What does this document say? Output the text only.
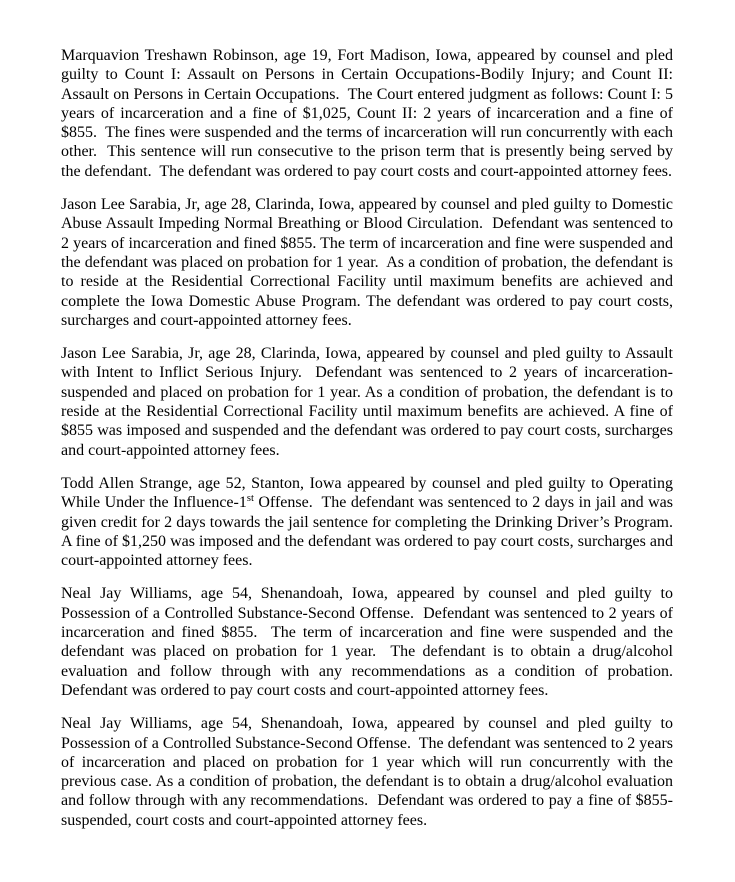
Marquavion Treshawn Robinson, age 19, Fort Madison, Iowa, appeared by counsel and pled guilty to Count I: Assault on Persons in Certain Occupations-Bodily Injury; and Count II: Assault on Persons in Certain Occupations.  The Court entered judgment as follows: Count I: 5 years of incarceration and a fine of $1,025, Count II: 2 years of incarceration and a fine of $855.  The fines were suspended and the terms of incarceration will run concurrently with each other.  This sentence will run consecutive to the prison term that is presently being served by the defendant.  The defendant was ordered to pay court costs and court-appointed attorney fees.

Jason Lee Sarabia, Jr, age 28, Clarinda, Iowa, appeared by counsel and pled guilty to Domestic Abuse Assault Impeding Normal Breathing or Blood Circulation.  Defendant was sentenced to 2 years of incarceration and fined $855. The term of incarceration and fine were suspended and the defendant was placed on probation for 1 year.  As a condition of probation, the defendant is to reside at the Residential Correctional Facility until maximum benefits are achieved and complete the Iowa Domestic Abuse Program. The defendant was ordered to pay court costs, surcharges and court-appointed attorney fees.

Jason Lee Sarabia, Jr, age 28, Clarinda, Iowa, appeared by counsel and pled guilty to Assault with Intent to Inflict Serious Injury.  Defendant was sentenced to 2 years of incarceration-suspended and placed on probation for 1 year. As a condition of probation, the defendant is to reside at the Residential Correctional Facility until maximum benefits are achieved. A fine of $855 was imposed and suspended and the defendant was ordered to pay court costs, surcharges and court-appointed attorney fees.

Todd Allen Strange, age 52, Stanton, Iowa appeared by counsel and pled guilty to Operating While Under the Influence-1st Offense.  The defendant was sentenced to 2 days in jail and was given credit for 2 days towards the jail sentence for completing the Drinking Driver’s Program.  A fine of $1,250 was imposed and the defendant was ordered to pay court costs, surcharges and court-appointed attorney fees.

Neal Jay Williams, age 54, Shenandoah, Iowa, appeared by counsel and pled guilty to Possession of a Controlled Substance-Second Offense.  Defendant was sentenced to 2 years of incarceration and fined $855.  The term of incarceration and fine were suspended and the defendant was placed on probation for 1 year.  The defendant is to obtain a drug/alcohol evaluation and follow through with any recommendations as a condition of probation.  Defendant was ordered to pay court costs and court-appointed attorney fees.

Neal Jay Williams, age 54, Shenandoah, Iowa, appeared by counsel and pled guilty to Possession of a Controlled Substance-Second Offense.  The defendant was sentenced to 2 years of incarceration and placed on probation for 1 year which will run concurrently with the previous case. As a condition of probation, the defendant is to obtain a drug/alcohol evaluation and follow through with any recommendations.  Defendant was ordered to pay a fine of $855-suspended, court costs and court-appointed attorney fees.
